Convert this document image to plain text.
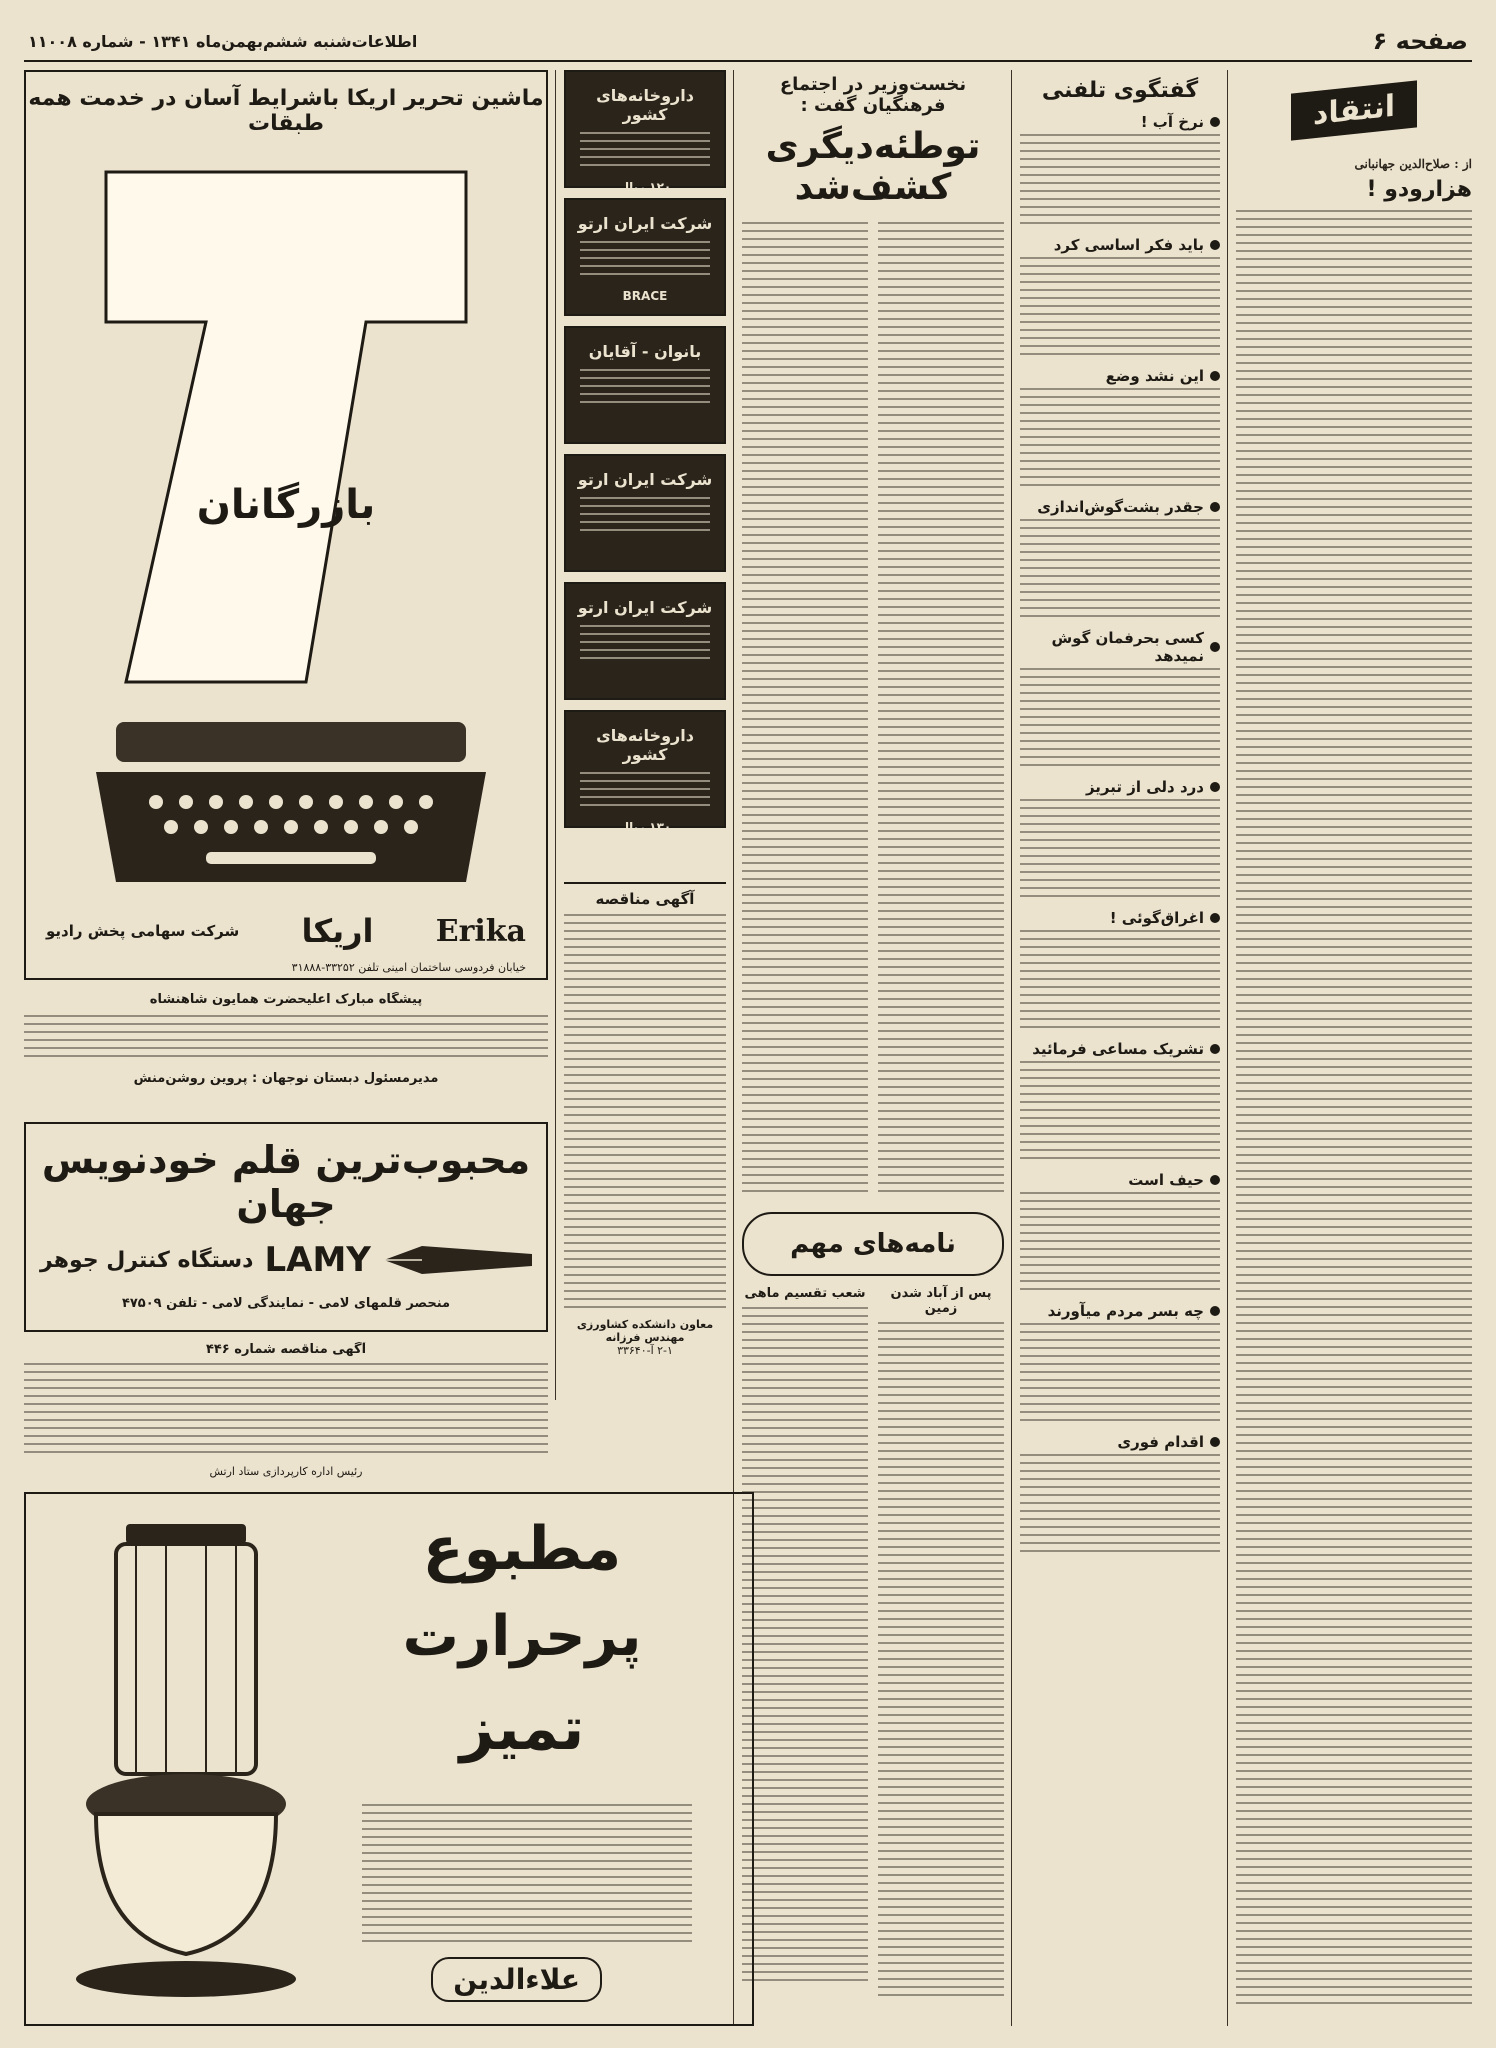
صفحه ۶
اطلاعات‌شنبه ششم‌بهمن‌ماه ۱۳۴۱ - شماره ۱۱۰۰۸
انتقاد
از : صلاح‌الدین جهانبانی
هزارودو !
گفتگوی تلفنی
نرخ آب !
باید فکر اساسی کرد
این نشد وضع
جقدر بشت‌گوش‌اندازی
کسی بحرفمان گوش نمیدهد
درد دلی از تبریز
اغراق‌گوئی !
تشریک مساعی فرمائید
حیف است
چه بسر مردم میآورند
اقدام فوری
نخست‌وزیر در اجتماع فرهنگیان گفت :
توطئه‌دیگری کشف‌شد
نامه‌های مهم
پس از آباد شدن زمین
شعب تقسیم ماهی
داروخانه‌های کشور
۱۲۰ ریال
شرکت ایران ارتو
BRACE
بانوان - آقایان
شرکت ایران ارتو
شرکت ایران ارتو
داروخانه‌های کشور
۱۳۰ ریال
آگهی مناقصه
معاون دانشکده کشاورزی مهندس فرزانه
۲-۱ آ-۳۳۶۴۰
ماشین تحریر اریکا باشرایط آسان در خدمت همه طبقات
بازرگانان
Erika
اریکا
شرکت سهامی پخش رادیو
خیابان فردوسی ساختمان امینی تلفن ۳۳۲۵۲-۳۱۸۸۸
پیشگاه مبارک اعلیحضرت همایون شاهنشاه
مدیرمسئول دبستان نوجهان : پروین روشن‌منش
محبوب‌ترین قلم خودنویس جهان
LAMY
دستگاه کنترل جوهر
منحصر قلمهای لامی - نمایندگی لامی - تلفن ۴۷۵۰۹
آگهی مناقصه شماره ۴۴۶
رئیس اداره کارپردازی ستاد ارتش
مطبوع
پرحرارت
تمیز
علاءالدین
